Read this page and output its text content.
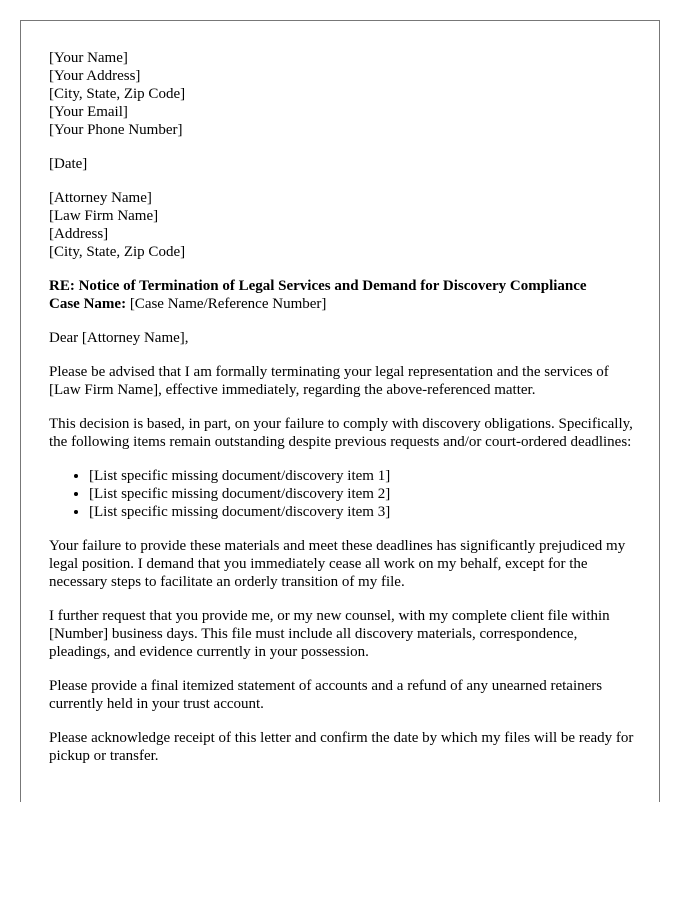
[Your Name]
[Your Address]
[City, State, Zip Code]
[Your Email]
[Your Phone Number]
[Date]
[Attorney Name]
[Law Firm Name]
[Address]
[City, State, Zip Code]
RE: Notice of Termination of Legal Services and Demand for Discovery Compliance
Case Name: [Case Name/Reference Number]

Dear [Attorney Name],

Please be advised that I am formally terminating your legal representation and the services of [Law Firm Name], effective immediately, regarding the above-referenced matter.

This decision is based, in part, on your failure to comply with discovery obligations. Specifically, the following items remain outstanding despite previous requests and/or court-ordered deadlines:

• [List specific missing document/discovery item 1]
• [List specific missing document/discovery item 2]
• [List specific missing document/discovery item 3]

Your failure to provide these materials and meet these deadlines has significantly prejudiced my legal position. I demand that you immediately cease all work on my behalf, except for the necessary steps to facilitate an orderly transition of my file.

I further request that you provide me, or my new counsel, with my complete client file within [Number] business days. This file must include all discovery materials, correspondence, pleadings, and evidence currently in your possession.

Please provide a final itemized statement of accounts and a refund of any unearned retainers currently held in your trust account.

Please acknowledge receipt of this letter and confirm the date by which my files will be ready for pickup or transfer.
